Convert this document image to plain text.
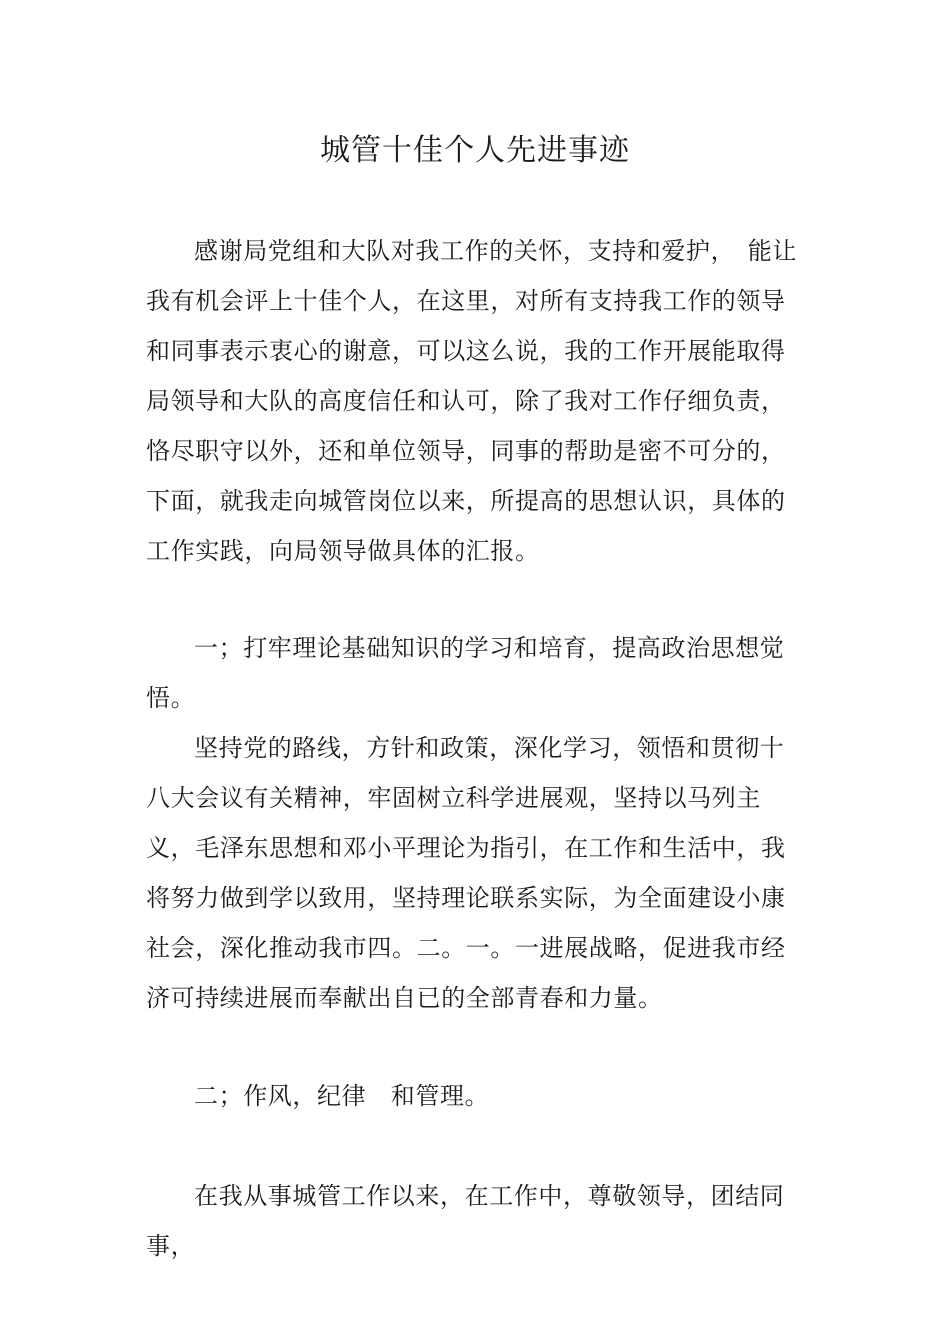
城管十佳个人先进事迹

感谢局党组和大队对我工作的关怀，支持和爱护，　能让我有机会评上十佳个人，在这里，对所有支持我工作的领导和同事表示衷心的谢意，可以这么说，我的工作开展能取得局领导和大队的高度信任和认可，除了我对工作仔细负责，恪尽职守以外，还和单位领导，同事的帮助是密不可分的，下面，就我走向城管岗位以来，所提高的思想认识，具体的工作实践，向局领导做具体的汇报。

一；打牢理论基础知识的学习和培育，提高政治思想觉悟。

坚持党的路线，方针和政策，深化学习，领悟和贯彻十八大会议有关精神，牢固树立科学进展观，坚持以马列主义，毛泽东思想和邓小平理论为指引，在工作和生活中，我将努力做到学以致用，坚持理论联系实际，为全面建设小康社会，深化推动我市四。二。一。一进展战略，促进我市经济可持续进展而奉献出自已的全部青春和力量。

二；作风，纪律　和管理。

在我从事城管工作以来，在工作中，尊敬领导，团结同事，
